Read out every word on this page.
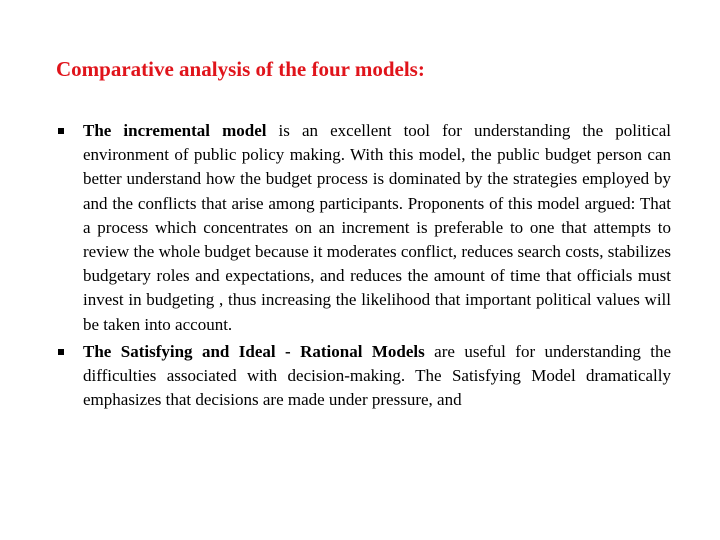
Comparative analysis of the four models:
The incremental model is an excellent tool for understanding the political environment of public policy making. With this model, the public budget person can better understand how the budget process is dominated by the strategies employed by and the conflicts that arise among participants. Proponents of this model argued: That a process which concentrates on an increment is preferable to one that attempts to review the whole budget because it moderates conflict, reduces search costs, stabilizes budgetary roles and expectations, and reduces the amount of time that officials must invest in budgeting , thus increasing the likelihood that important political values will be taken into account.
The Satisfying and Ideal - Rational Models are useful for understanding the difficulties associated with decision-making. The Satisfying Model dramatically emphasizes that decisions are made under pressure, and
